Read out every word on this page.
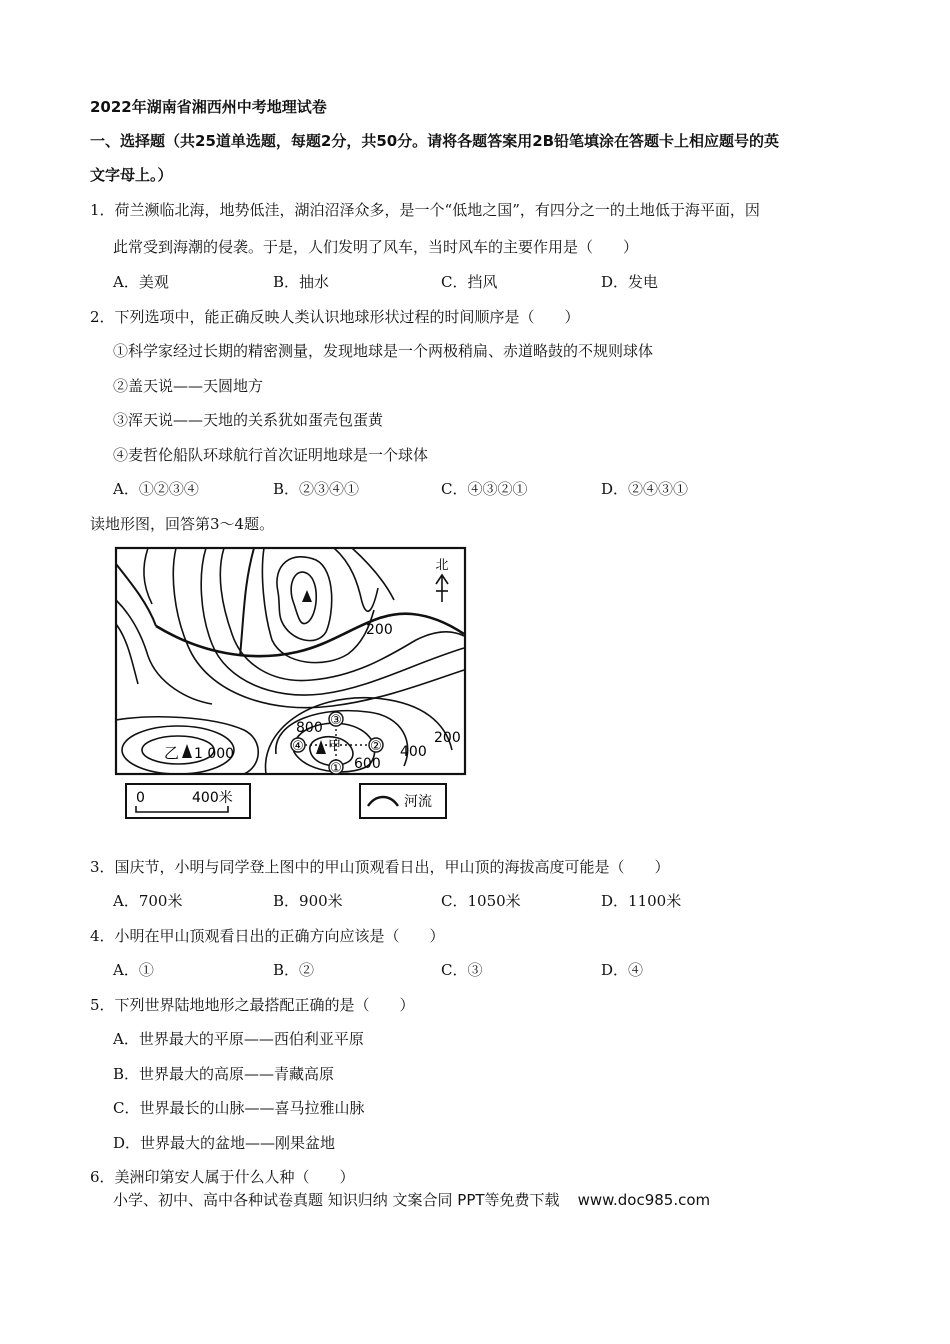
2022年湖南省湘西州中考地理试卷
一、选择题（共25道单选题，每题2分，共50分。请将各题答案用2B铅笔填涂在答题卡上相应题号的英
文字母上。）
1．荷兰濒临北海，地势低洼，湖泊沼泽众多，是一个“低地之国”，有四分之一的土地低于海平面，因
此常受到海潮的侵袭。于是，人们发明了风车，当时风车的主要作用是（　　）
A．美观	B．抽水	C．挡风	D．发电
2．下列选项中，能正确反映人类认识地球形状过程的时间顺序是（　　）
①科学家经过长期的精密测量，发现地球是一个两极稍扁、赤道略鼓的不规则球体
②盖天说——天圆地方
③浑天说——天地的关系犹如蛋壳包蛋黄
④麦哲伦船队环球航行首次证明地球是一个球体
A．①②③④	B．②③④①	C．④③②①	D．②④③①
读地形图，回答第3～4题。
北
③
④	②
①
200
800
600
400
200
乙 1 000	甲
0	400米	河流
3．国庆节，小明与同学登上图中的甲山顶观看日出，甲山顶的海拔高度可能是（　　）
A．700米	B．900米	C．1050米	D．1100米
4．小明在甲山顶观看日出的正确方向应该是（　　）
A．①	B．②	C．③	D．④
5．下列世界陆地地形之最搭配正确的是（　　）
A．世界最大的平原——西伯利亚平原
B．世界最大的高原——青藏高原
C．世界最长的山脉——喜马拉雅山脉
D．世界最大的盆地——刚果盆地
6．美洲印第安人属于什么人种（　　）
小学、初中、高中各种试卷真题 知识归纳 文案合同 PPT等免费下载 www.doc985.com
